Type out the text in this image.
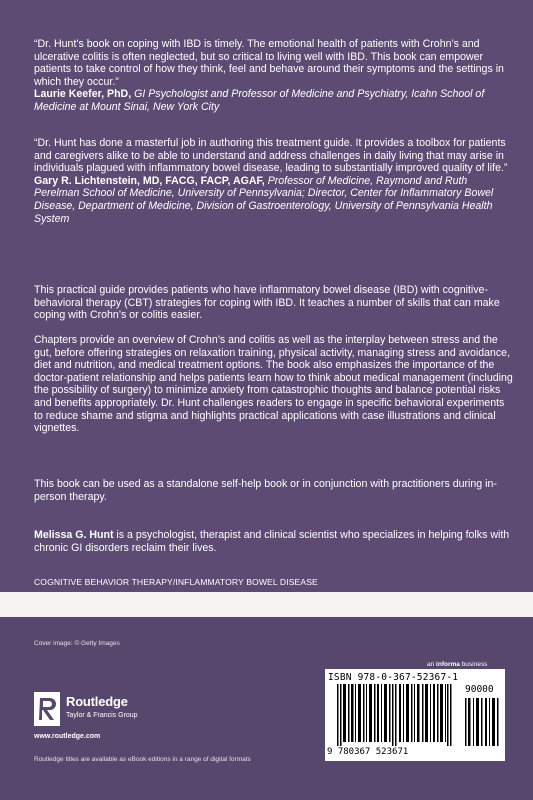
“Dr. Hunt’s book on coping with IBD is timely. The emotional health of patients with Crohn’s and ulcerative colitis is often neglected, but so critical to living well with IBD. This book can empower patients to take control of how they think, feel and behave around their symptoms and the settings in which they occur.”
Laurie Keefer, PhD, GI Psychologist and Professor of Medicine and Psychiatry, Icahn School of Medicine at Mount Sinai, New York City

“Dr. Hunt has done a masterful job in authoring this treatment guide. It provides a toolbox for patients and caregivers alike to be able to understand and address challenges in daily living that may arise in individuals plagued with inflammatory bowel disease, leading to substantially improved quality of life.”
Gary R. Lichtenstein, MD, FACG, FACP, AGAF, Professor of Medicine, Raymond and Ruth Perelman School of Medicine, University of Pennsylvania; Director, Center for Inflammatory Bowel Disease, Department of Medicine, Division of Gastroenterology, University of Pennsylvania Health System

This practical guide provides patients who have inflammatory bowel disease (IBD) with cognitive-behavioral therapy (CBT) strategies for coping with IBD. It teaches a number of skills that can make coping with Crohn’s or colitis easier.
Chapters provide an overview of Crohn’s and colitis as well as the interplay between stress and the gut, before offering strategies on relaxation training, physical activity, managing stress and avoidance, diet and nutrition, and medical treatment options. The book also emphasizes the importance of the doctor-patient relationship and helps patients learn how to think about medical management (including the possibility of surgery) to minimize anxiety from catastrophic thoughts and balance potential risks and benefits appropriately. Dr. Hunt challenges readers to engage in specific behavioral experiments to reduce shame and stigma and highlights practical applications with case illustrations and clinical vignettes.
This book can be used as a standalone self-help book or in conjunction with practitioners during in-person therapy.
Melissa G. Hunt is a psychologist, therapist and clinical scientist who specializes in helping folks with chronic GI disorders reclaim their lives.
COGNITIVE BEHAVIOR THERAPY/INFLAMMATORY BOWEL DISEASE
Cover image: © Getty Images
an informa business
ISBN 978-0-367-52367-1
90000
9 780367 523671
Routledge
Taylor & Francis Group
www.routledge.com
Routledge titles are available as eBook editions in a range of digital formats
